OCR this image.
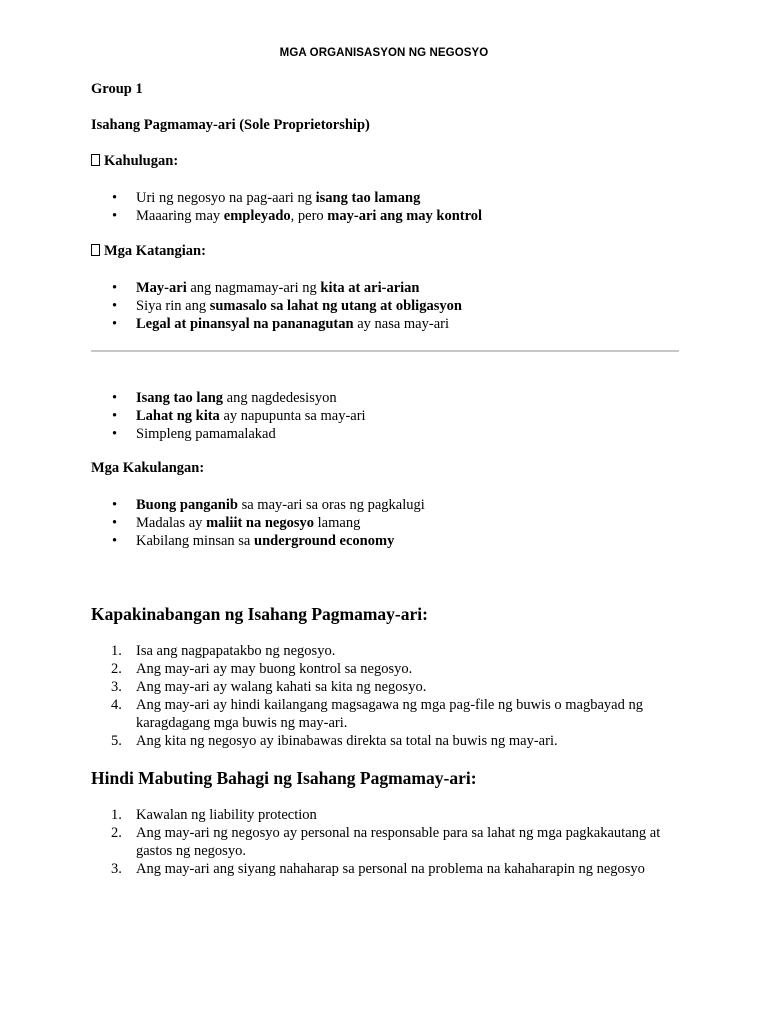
MGA ORGANISASYON NG NEGOSYO
Group 1
Isahang Pagmamay-ari (Sole Proprietorship)
Kahulugan:
• Uri ng negosyo na pag-aari ng isang tao lamang
• Maaaring may empleyado, pero may-ari ang may kontrol
Mga Katangian:
• May-ari ang nagmamay-ari ng kita at ari-arian
• Siya rin ang sumasalo sa lahat ng utang at obligasyon
• Legal at pinansyal na pananagutan ay nasa may-ari
• Isang tao lang ang nagdedesisyon
• Lahat ng kita ay napupunta sa may-ari
• Simpleng pamamalakad
Mga Kakulangan:
• Buong panganib sa may-ari sa oras ng pagkalugi
• Madalas ay maliit na negosyo lamang
• Kabilang minsan sa underground economy
Kapakinabangan ng Isahang Pagmamay-ari:
1. Isa ang nagpapatakbo ng negosyo.
2. Ang may-ari ay may buong kontrol sa negosyo.
3. Ang may-ari ay walang kahati sa kita ng negosyo.
4. Ang may-ari ay hindi kailangang magsagawa ng mga pag-file ng buwis o magbayad ng karagdagang mga buwis ng may-ari.
5. Ang kita ng negosyo ay ibinabawas direkta sa total na buwis ng may-ari.
Hindi Mabuting Bahagi ng Isahang Pagmamay-ari:
1. Kawalan ng liability protection
2. Ang may-ari ng negosyo ay personal na responsable para sa lahat ng mga pagkakautang at gastos ng negosyo.
3. Ang may-ari ang siyang nahaharap sa personal na problema na kahaharapin ng negosyo
